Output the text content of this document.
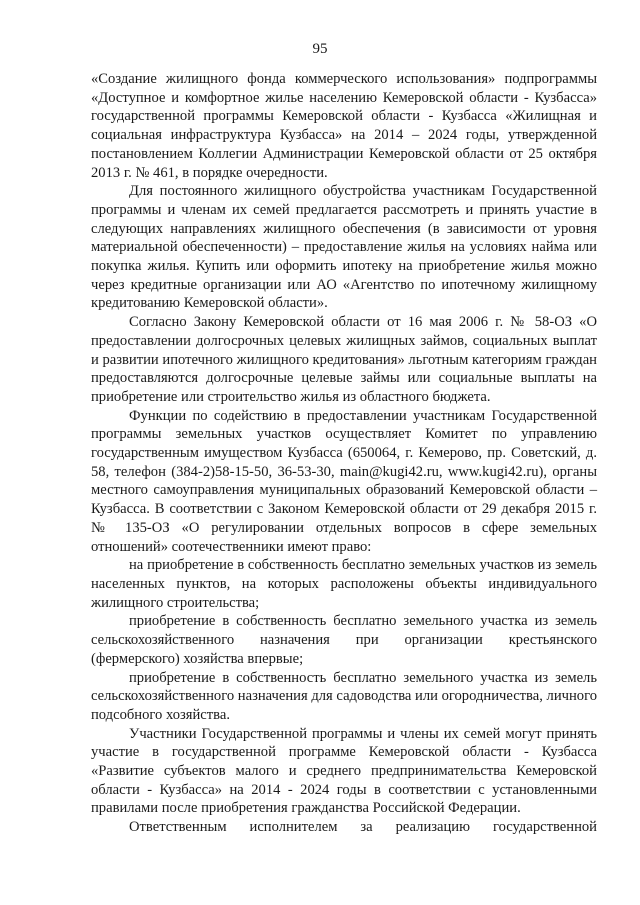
95

«Создание жилищного фонда коммерческого использования» подпрограммы «Доступное и комфортное жилье населению Кемеровской области - Кузбасса» государственной программы Кемеровской области - Кузбасса «Жилищная и социальная инфраструктура Кузбасса» на 2014 – 2024 годы, утвержденной постановлением Коллегии Администрации Кемеровской области от 25 октября 2013 г. № 461, в порядке очередности.

Для постоянного жилищного обустройства участникам Государственной программы и членам их семей предлагается рассмотреть и принять участие в следующих направлениях жилищного обеспечения (в зависимости от уровня материальной обеспеченности) – предоставление жилья на условиях найма или покупка жилья. Купить или оформить ипотеку на приобретение жилья можно через кредитные организации или АО «Агентство по ипотечному жилищному кредитованию Кемеровской области».

Согласно Закону Кемеровской области от 16 мая 2006 г. № 58-ОЗ «О предоставлении долгосрочных целевых жилищных займов, социальных выплат и развитии ипотечного жилищного кредитования» льготным категориям граждан предоставляются долгосрочные целевые займы или социальные выплаты на приобретение или строительство жилья из областного бюджета.

Функции по содействию в предоставлении участникам Государственной программы земельных участков осуществляет Комитет по управлению государственным имуществом Кузбасса (650064, г. Кемерово, пр. Советский, д. 58, телефон (384-2)58-15-50, 36-53-30, main@kugi42.ru, www.kugi42.ru), органы местного самоуправления муниципальных образований Кемеровской области – Кузбасса. В соответствии с Законом Кемеровской области от 29 декабря 2015 г. № 135-ОЗ «О регулировании отдельных вопросов в сфере земельных отношений» соотечественники имеют право:

на приобретение в собственность бесплатно земельных участков из земель населенных пунктов, на которых расположены объекты индивидуального жилищного строительства;

приобретение в собственность бесплатно земельного участка из земель сельскохозяйственного назначения при организации крестьянского (фермерского) хозяйства впервые;

приобретение в собственность бесплатно земельного участка из земель сельскохозяйственного назначения для садоводства или огородничества, личного подсобного хозяйства.

Участники Государственной программы и члены их семей могут принять участие в государственной программе Кемеровской области - Кузбасса «Развитие субъектов малого и среднего предпринимательства Кемеровской области - Кузбасса» на 2014 - 2024 годы в соответствии с установленными правилами после приобретения гражданства Российской Федерации.

Ответственным исполнителем за реализацию государственной
